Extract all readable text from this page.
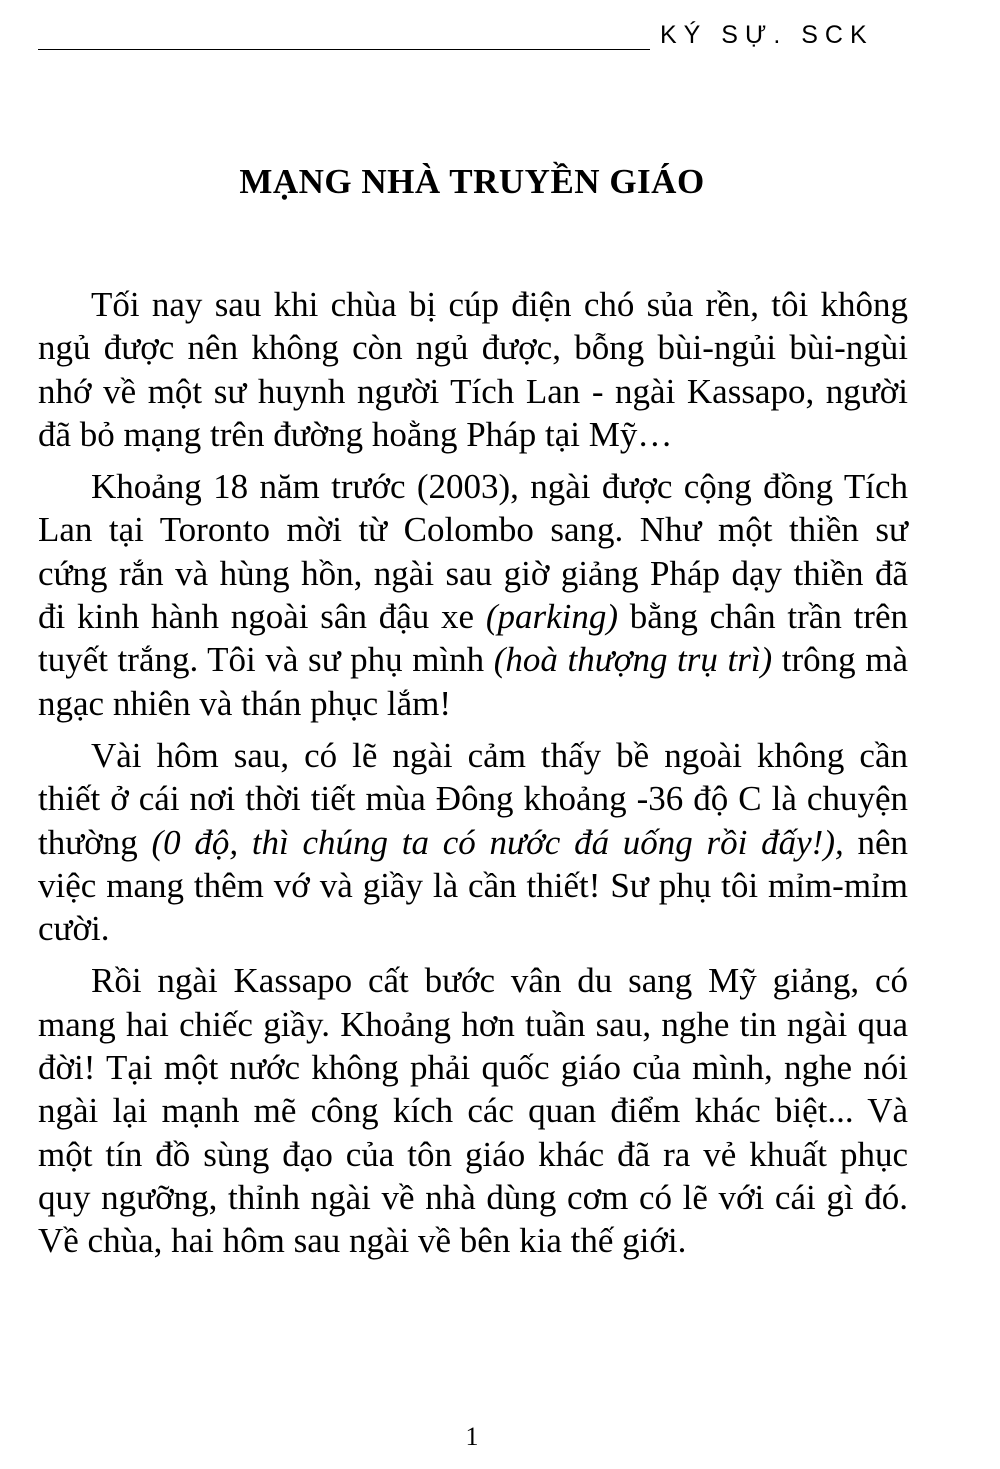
KÝ SỰ. SCK
MẠNG NHÀ TRUYỀN GIÁO

Tối nay sau khi chùa bị cúp điện chó sủa rền, tôi không ngủ được nên không còn ngủ được, bỗng bùi-ngủi bùi-ngùi nhớ về một sư huynh người Tích Lan - ngài Kassapo, người đã bỏ mạng trên đường hoằng Pháp tại Mỹ…

Khoảng 18 năm trước (2003), ngài được cộng đồng Tích Lan tại Toronto mời từ Colombo sang. Như một thiền sư cứng rắn và hùng hồn, ngài sau giờ giảng Pháp dạy thiền đã đi kinh hành ngoài sân đậu xe (parking) bằng chân trần trên tuyết trắng. Tôi và sư phụ mình (hoà thượng trụ trì) trông mà ngạc nhiên và thán phục lắm!

Vài hôm sau, có lẽ ngài cảm thấy bề ngoài không cần thiết ở cái nơi thời tiết mùa Đông khoảng -36 độ C là chuyện thường (0 độ, thì chúng ta có nước đá uống rồi đấy!), nên việc mang thêm vớ và giầy là cần thiết! Sư phụ tôi mỉm-mỉm cười.

Rồi ngài Kassapo cất bước vân du sang Mỹ giảng, có mang hai chiếc giầy. Khoảng hơn tuần sau, nghe tin ngài qua đời! Tại một nước không phải quốc giáo của mình, nghe nói ngài lại mạnh mẽ công kích các quan điểm khác biệt... Và một tín đồ sùng đạo của tôn giáo khác đã ra vẻ khuất phục quy ngưỡng, thỉnh ngài về nhà dùng cơm có lẽ với cái gì đó. Về chùa, hai hôm sau ngài về bên kia thế giới.

1
